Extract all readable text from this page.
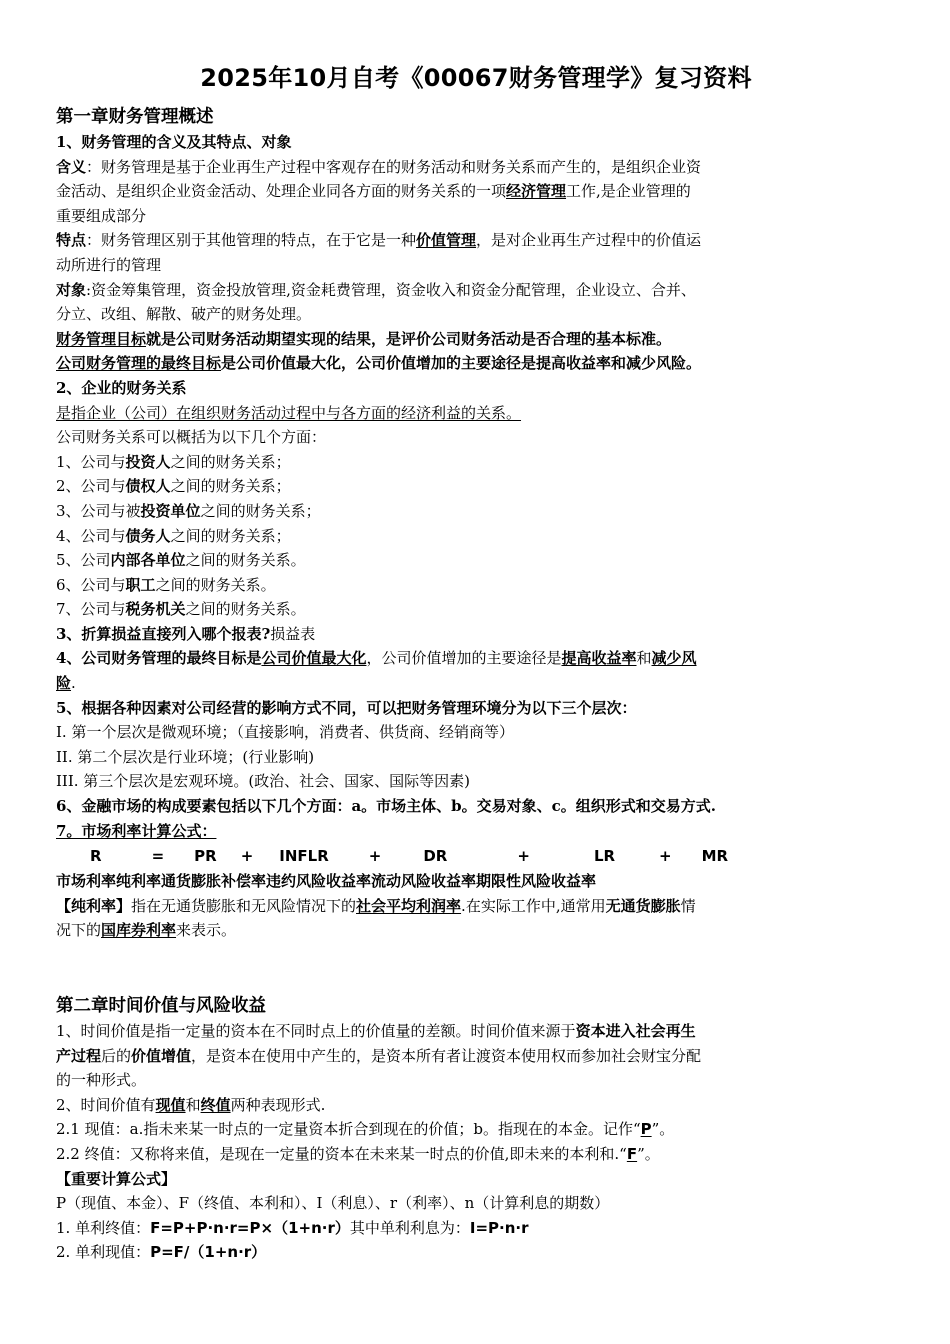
2025年10月自考《00067财务管理学》复习资料

第一章财务管理概述

1、财务管理的含义及其特点、对象

含义：财务管理是基于企业再生产过程中客观存在的财务活动和财务关系而产生的，是组织企业资

金活动、是组织企业资金活动、处理企业同各方面的财务关系的一项经济管理工作,是企业管理的

重要组成部分

特点：财务管理区别于其他管理的特点，在于它是一种价值管理，是对企业再生产过程中的价值运

动所进行的管理

对象:资金筹集管理，资金投放管理,资金耗费管理，资金收入和资金分配管理，企业设立、合并、

分立、改组、解散、破产的财务处理。

财务管理目标就是公司财务活动期望实现的结果，是评价公司财务活动是否合理的基本标准。

公司财务管理的最终目标是公司价值最大化，公司价值增加的主要途径是提高收益率和减少风险。

2、企业的财务关系

是指企业（公司）在组织财务活动过程中与各方面的经济利益的关系。

公司财务关系可以概括为以下几个方面：

1、公司与投资人之间的财务关系；

2、公司与债权人之间的财务关系；

3、公司与被投资单位之间的财务关系；

4、公司与债务人之间的财务关系；

5、公司内部各单位之间的财务关系。

6、公司与职工之间的财务关系。

7、公司与税务机关之间的财务关系。

3、折算损益直接列入哪个报表?损益表

4、公司财务管理的最终目标是公司价值最大化，公司价值增加的主要途径是提高收益率和减少风

险.

5、根据各种因素对公司经营的影响方式不同，可以把财务管理环境分为以下三个层次：

I. 第一个层次是微观环境；（直接影响，消费者、供货商、经销商等）

II. 第二个层次是行业环境；(行业影响)

III. 第三个层次是宏观环境。(政治、社会、国家、国际等因素)

6、金融市场的构成要素包括以下几个方面：a。市场主体、b。交易对象、c。组织形式和交易方式.

7。市场利率计算公式：

R	= PR + INFLR	+	DR	+	LR	+ MR

市场利率纯利率通货膨胀补偿率违约风险收益率流动风险收益率期限性风险收益率

【纯利率】指在无通货膨胀和无风险情况下的社会平均利润率.在实际工作中,通常用无通货膨胀情

况下的国库券利率来表示。

第二章时间价值与风险收益

1、时间价值是指一定量的资本在不同时点上的价值量的差额。时间价值来源于资本进入社会再生

产过程后的价值增值，是资本在使用中产生的，是资本所有者让渡资本使用权而参加社会财宝分配

的一种形式。

2、时间价值有现值和终值两种表现形式.

2.1 现值：a.指未来某一时点的一定量资本折合到现在的价值；b。指现在的本金。记作“P”。

2.2 终值：又称将来值，是现在一定量的资本在未来某一时点的价值,即未来的本利和.“F”。

【重要计算公式】

P（现值、本金）、F（终值、本利和）、I（利息）、r（利率）、n（计算利息的期数）

1. 单利终值：F=P+P·n·r=P×（1+n·r）其中单利利息为：I=P·n·r

2. 单利现值：P=F/（1+n·r）
